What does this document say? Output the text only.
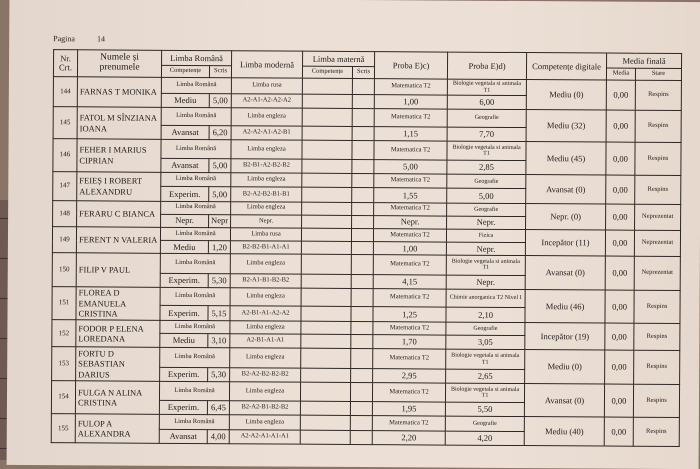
Pagina	14
Nr. Crt.	Numele și prenumele	Limba Română		Limba modernă	Limba maternă		Proba E)c)	Proba E)d)	Competențe digitale	Media finală	
		Competențe	Scris		Competențe	Scris				Media	Stare
144	FARNAS T MONIKA	Limba Română		Limba rusa			Matematica T2	Biologie vegetala si animala T1	Mediu (0)	0,00	Respins
		Mediu	5,00	A2-A1-A2-A2-A2			1,00	6,00			
145	FATOL M SÎNZIANA IOANA	Limba Română		Limba engleza			Matematica T2	Geografie	Mediu (32)	0,00	Respins
		Avansat	6,20	A2-A2-A1-A2-B1			1,15	7,70			
146	FEHER I MARIUS CIPRIAN	Limba Română		Limba engleza			Matematica T2	Biologie vegetala si animala T1	Mediu (45)	0,00	Respins
		Avansat	5,00	B2-B1-A2-B2-B2			5,00	2,85			
147	FEIEȘ I ROBERT ALEXANDRU	Limba Română		Limba engleza			Matematica T2	Geografie	Avansat (0)	0,00	Respins
		Experim.	5,00	B2-A2-B2-B1-B1			1,55	5,00			
148	FERARU C BIANCA	Limba Română		Limba engleza			Matematica T2	Geografie	Nepr. (0)	0,00	Neprezentat
		Nepr.	Nepr	Nepr.			Nepr.	Nepr.			
149	FERENT N VALERIA	Limba Română		Limba rusa			Matematica T2	Fizica	Incepător (11)	0,00	Neprezentat
		Mediu	1,20	B2-B2-B1-A1-A1			1,00	Nepr.			
150	FILIP V PAUL	Limba Română		Limba engleza			Matematica T2	Biologie vegetala si animala T1	Avansat (0)	0,00	Neprezentat
		Experim.	5,30	B2-A1-B1-B2-B2			4,15	Nepr.			
151	FLOREA D EMANUELA CRISTINA	Limba Română		Limba engleza			Matematica T2	Chimie anorganica T2 Nivel I	Mediu (46)	0,00	Respins
		Experim.	5,15	A2-B1-A1-A2-A2			1,25	2,10			
152	FODOR P ELENA LOREDANA	Limba Română		Limba engleza			Matematica T2	Geografie	Incepător (19)	0,00	Respins
		Mediu	3,10	A2-B1-A1-A1			1,70	3,05			
153	FORTU D SEBASTIAN DARIUS	Limba Română		Limba engleza			Matematica T2	Biologie vegetala si animala T1	Mediu (0)	0,00	Respins
		Experim.	5,30	B2-A2-B2-B2-B2			2,95	2,65			
154	FULGA N ALINA CRISTINA	Limba Română		Limba engleza			Matematica T2	Biologie vegetala si animala T1	Avansat (0)	0,00	Respins
		Experim.	6,45	B2-A2-B1-B2-B2			1,95	5,50			
155	FULOP A ALEXANDRA	Limba Română		Limba engleza			Matematica T2	Geografie	Mediu (40)	0,00	Respins
		Avansat	4,00	A2-A2-A1-A1-A1			2,20	4,20			
